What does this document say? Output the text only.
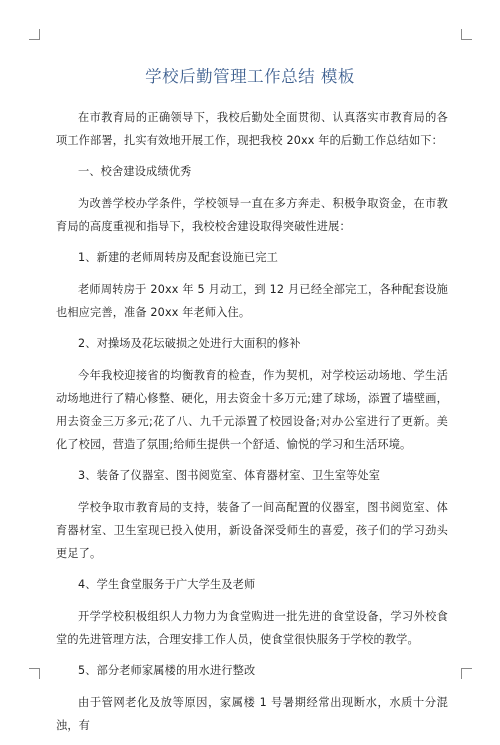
学校后勤管理工作总结 模板

在市教育局的正确领导下，我校后勤处全面贯彻、认真落实市教育局的各项工作部署，扎实有效地开展工作，现把我校 20xx 年的后勤工作总结如下：

一、校舍建设成绩优秀

为改善学校办学条件，学校领导一直在多方奔走、积极争取资金，在市教育局的高度重视和指导下，我校校舍建设取得突破性进展：

1、新建的老师周转房及配套设施已完工

老师周转房于 20xx 年 5 月动工，到 12 月已经全部完工，各种配套设施也相应完善，准备 20xx 年老师入住。

2、对操场及花坛破损之处进行大面积的修补

今年我校迎接省的均衡教育的检查，作为契机，对学校运动场地、学生活动场地进行了精心修整、硬化，用去资金十多万元;建了球场，添置了墙壁画，用去资金三万多元;花了八、九千元添置了校园设备;对办公室进行了更新。美化了校园，营造了氛围;给师生提供一个舒适、愉悦的学习和生活环境。

3、装备了仪器室、图书阅览室、体育器材室、卫生室等处室

学校争取市教育局的支持，装备了一间高配置的仪器室，图书阅览室、体育器材室、卫生室现已投入使用，新设备深受师生的喜爱，孩子们的学习劲头更足了。

4、学生食堂服务于广大学生及老师

开学学校积极组织人力物力为食堂购进一批先进的食堂设备，学习外校食堂的先进管理方法，合理安排工作人员，使食堂很快服务于学校的教学。

5、部分老师家属楼的用水进行整改

由于管网老化及放等原因，家属楼 1 号暑期经常出现断水，水质十分混浊，有
